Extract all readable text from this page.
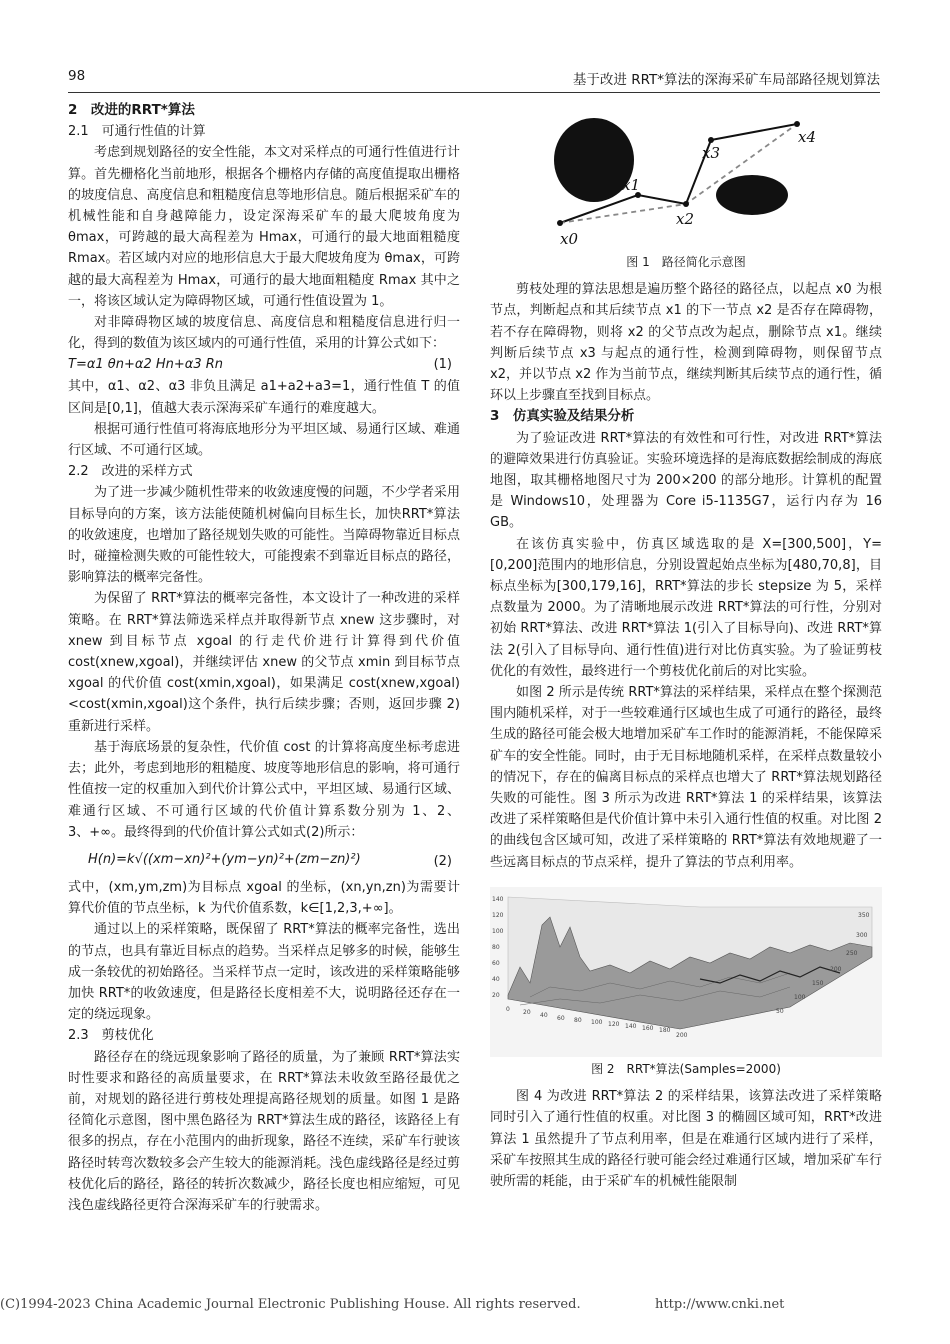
98	基于改进 RRT*算法的深海采矿车局部路径规划算法
2　改进的RRT*算法
2.1　可通行性值的计算

考虑到规划路径的安全性能，本文对采样点的可通行性值进行计算。首先栅格化当前地形，根据各个栅格内存储的高度值提取出栅格的坡度信息、高度信息和粗糙度信息等地形信息。随后根据采矿车的机械性能和自身越障能力，设定深海采矿车的最大爬坡角度为 θmax，可跨越的最大高程差为 Hmax，可通行的最大地面粗糙度 Rmax。若区域内对应的地形信息大于最大爬坡角度为 θmax，可跨越的最大高程差为 Hmax，可通行的最大地面粗糙度 Rmax 其中之一，将该区域认定为障碍物区域，可通行性值设置为 1。

对非障碍物区域的坡度信息、高度信息和粗糙度信息进行归一化，得到的数值为该区域内的可通行性值，采用的计算公式如下：

T=α1 θn+α2 Hn+α3 Rn	(1)

其中，α1、α2、α3 非负且满足 a1+a2+a3=1，通行性值 T 的值区间是[0,1]，值越大表示深海采矿车通行的难度越大。

根据可通行性值可将海底地形分为平坦区域、易通行区域、难通行区域、不可通行区域。

2.2　改进的采样方式

为了进一步减少随机性带来的收敛速度慢的问题，不少学者采用目标导向的方案，该方法能使随机树偏向目标生长，加快RRT*算法的收敛速度，也增加了路径规划失败的可能性。当障碍物靠近目标点时，碰撞检测失败的可能性较大，可能搜索不到靠近目标点的路径，影响算法的概率完备性。

为保留了 RRT*算法的概率完备性，本文设计了一种改进的采样策略。在 RRT*算法筛选采样点并取得新节点 xnew 这步骤时，对 xnew 到目标节点 xgoal 的行走代价进行计算得到代价值 cost(xnew,xgoal)，并继续评估 xnew 的父节点 xmin 到目标节点 xgoal 的代价值 cost(xmin,xgoal)，如果满足 cost(xnew,xgoal)<cost(xmin,xgoal)这个条件，执行后续步骤；否则，返回步骤 2)重新进行采样。

基于海底场景的复杂性，代价值 cost 的计算将高度坐标考虑进去；此外，考虑到地形的粗糙度、坡度等地形信息的影响，将可通行性值按一定的权重加入到代价计算公式中，平坦区域、易通行区域、难通行区域、不可通行区域的代价值计算系数分别为 1、2、3、+∞。最终得到的代价值计算公式如式(2)所示：

H(n)=k√((xm−xn)²+(ym−yn)²+(zm−zn)²)	(2)

式中，(xm,ym,zm)为目标点 xgoal 的坐标，(xn,yn,zn)为需要计算代价值的节点坐标，k 为代价值系数，k∈[1,2,3,+∞]。

通过以上的采样策略，既保留了 RRT*算法的概率完备性，选出的节点，也具有靠近目标点的趋势。当采样点足够多的时候，能够生成一条较优的初始路径。当采样节点一定时，该改进的采样策略能够加快 RRT*的收敛速度，但是路径长度相差不大，说明路径还存在一定的绕远现象。

2.3　剪枝优化

路径存在的绕远现象影响了路径的质量，为了兼顾 RRT*算法实时性要求和路径的高质量要求，在 RRT*算法未收敛至路径最优之前，对规划的路径进行剪枝处理提高路径规划的质量。如图 1 是路径简化示意图，图中黑色路径为 RRT*算法生成的路径，该路径上有很多的拐点，存在小范围内的曲折现象，路径不连续，采矿车行驶该路径时转弯次数较多会产生较大的能源消耗。浅色虚线路径是经过剪枝优化后的路径，路径的转折次数减少，路径长度也相应缩短，可见浅色虚线路径更符合深海采矿车的行驶需求。

x0
x1
x2
x3
x4
图 1　路径简化示意图

剪枝处理的算法思想是遍历整个路径的路径点，以起点 x0 为根节点，判断起点和其后续节点 x1 的下一节点 x2 是否存在障碍物，若不存在障碍物，则将 x2 的父节点改为起点，删除节点 x1。继续判断后续节点 x3 与起点的通行性，检测到障碍物，则保留节点 x2，并以节点 x2 作为当前节点，继续判断其后续节点的通行性，循环以上步骤直至找到目标点。

3　仿真实验及结果分析

为了验证改进 RRT*算法的有效性和可行性，对改进 RRT*算法的避障效果进行仿真验证。实验环境选择的是海底数据绘制成的海底地图，取其栅格地图尺寸为 200×200 的部分地形。计算机的配置是 Windows10，处理器为 Core i5-1135G7，运行内存为 16 GB。

在该仿真实验中，仿真区域选取的是 X=[300,500]，Y=[0,200]范围内的地形信息，分别设置起始点坐标为[480,70,8]，目标点坐标为[300,179,16]，RRT*算法的步长 stepsize 为 5，采样点数量为 2000。为了清晰地展示改进 RRT*算法的可行性，分别对初始 RRT*算法、改进 RRT*算法 1(引入了目标导向)、改进 RRT*算法 2(引入了目标导向、通行性值)进行对比仿真实验。为了验证剪枝优化的有效性，最终进行一个剪枝优化前后的对比实验。

如图 2 所示是传统 RRT*算法的采样结果，采样点在整个探测范围内随机采样，对于一些较难通行区域也生成了可通行的路径，最终生成的路径可能会极大地增加采矿车工作时的能源消耗，不能保障采矿车的安全性能。同时，由于无目标地随机采样，在采样点数量较小的情况下，存在的偏离目标点的采样点也增大了 RRT*算法规划路径失败的可能性。图 3 所示为改进 RRT*算法 1 的采样结果，该算法改进了采样策略但是代价值计算中未引入通行性值的权重。对比图 2 的曲线包含区域可知，改进了采样策略的 RRT*算法有效地规避了一些远离目标点的节点采样，提升了算法的节点利用率。

140
120
100
80
60
40
20
0 20 40 60 80 100 120 140 160 180
200
350
300
250
200
150
100
50
图 2　RRT*算法(Samples=2000)

图 4 为改进 RRT*算法 2 的采样结果，该算法改进了采样策略同时引入了通行性值的权重。对比图 3 的椭圆区域可知，RRT*改进算法 1 虽然提升了节点利用率，但是在难通行区域内进行了采样，采矿车按照其生成的路径行驶可能会经过难通行区域，增加采矿车行驶所需的耗能，由于采矿车的机械性能限制

(C)1994-2023 China Academic Journal Electronic Publishing House. All rights reserved.	http://www.cnki.net
